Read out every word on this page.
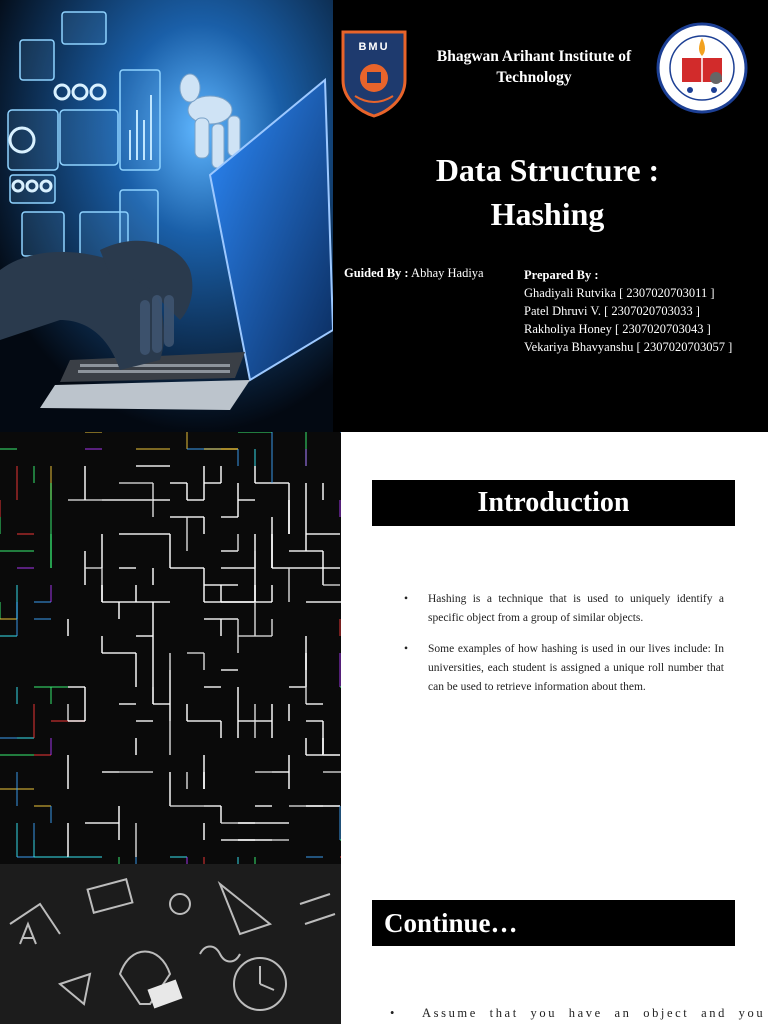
BMU
Bhagwan Arihant Institute of Technology
Data Structure :
Hashing
Guided By : Abhay Hadiya	Prepared By :
Ghadiyali Rutvika [ 2307020703011 ]
Patel Dhruvi V. [ 2307020703033 ]
Rakholiya Honey [ 2307020703043 ]
Vekariya Bhavyanshu [ 2307020703057 ]
Introduction
• Hashing is a technique that is used to uniquely identify a specific object from a group of similar objects.
• Some examples of how hashing is used in our lives include: In universities, each student is assigned a unique roll number that can be used to retrieve information about them.
Continue…
• Assume that you have an object and you
